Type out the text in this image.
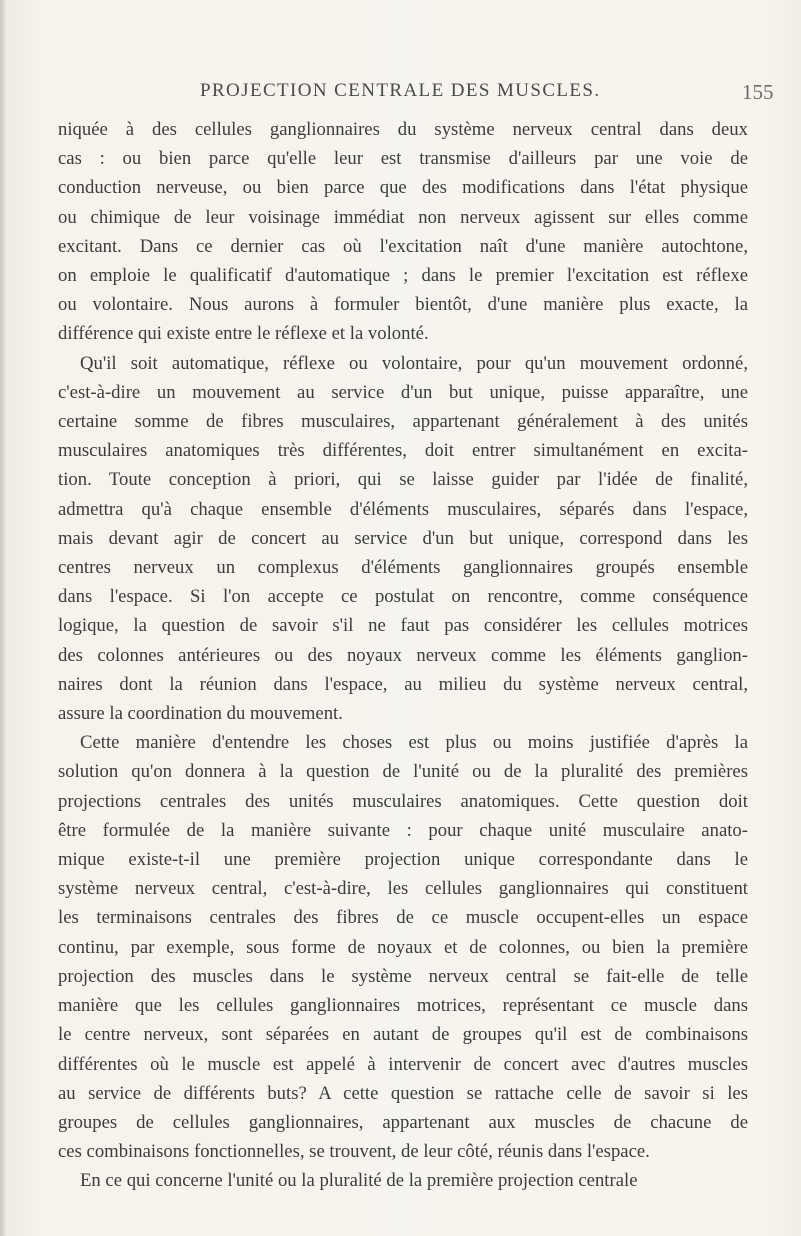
PROJECTION CENTRALE DES MUSCLES.	155

niquée à des cellules ganglionnaires du système nerveux central dans deux
cas : ou bien parce qu'elle leur est transmise d'ailleurs par une voie de
conduction nerveuse, ou bien parce que des modifications dans l'état physique
ou chimique de leur voisinage immédiat non nerveux agissent sur elles comme
excitant. Dans ce dernier cas où l'excitation naît d'une manière autochtone,
on emploie le qualificatif d'automatique ; dans le premier l'excitation est réflexe
ou volontaire. Nous aurons à formuler bientôt, d'une manière plus exacte, la
différence qui existe entre le réflexe et la volonté.

Qu'il soit automatique, réflexe ou volontaire, pour qu'un mouvement ordonné,
c'est-à-dire un mouvement au service d'un but unique, puisse apparaître, une
certaine somme de fibres musculaires, appartenant généralement à des unités
musculaires anatomiques très différentes, doit entrer simultanément en excita-
tion. Toute conception à priori, qui se laisse guider par l'idée de finalité,
admettra qu'à chaque ensemble d'éléments musculaires, séparés dans l'espace,
mais devant agir de concert au service d'un but unique, correspond dans les
centres nerveux un complexus d'éléments ganglionnaires groupés ensemble
dans l'espace. Si l'on accepte ce postulat on rencontre, comme conséquence
logique, la question de savoir s'il ne faut pas considérer les cellules motrices
des colonnes antérieures ou des noyaux nerveux comme les éléments ganglion-
naires dont la réunion dans l'espace, au milieu du système nerveux central,
assure la coordination du mouvement.

Cette manière d'entendre les choses est plus ou moins justifiée d'après la
solution qu'on donnera à la question de l'unité ou de la pluralité des premières
projections centrales des unités musculaires anatomiques. Cette question doit
être formulée de la manière suivante : pour chaque unité musculaire anato-
mique existe-t-il une première projection unique correspondante dans le
système nerveux central, c'est-à-dire, les cellules ganglionnaires qui constituent
les terminaisons centrales des fibres de ce muscle occupent-elles un espace
continu, par exemple, sous forme de noyaux et de colonnes, ou bien la première
projection des muscles dans le système nerveux central se fait-elle de telle
manière que les cellules ganglionnaires motrices, représentant ce muscle dans
le centre nerveux, sont séparées en autant de groupes qu'il est de combinaisons
différentes où le muscle est appelé à intervenir de concert avec d'autres muscles
au service de différents buts? A cette question se rattache celle de savoir si les
groupes de cellules ganglionnaires, appartenant aux muscles de chacune de
ces combinaisons fonctionnelles, se trouvent, de leur côté, réunis dans l'espace.

En ce qui concerne l'unité ou la pluralité de la première projection centrale
